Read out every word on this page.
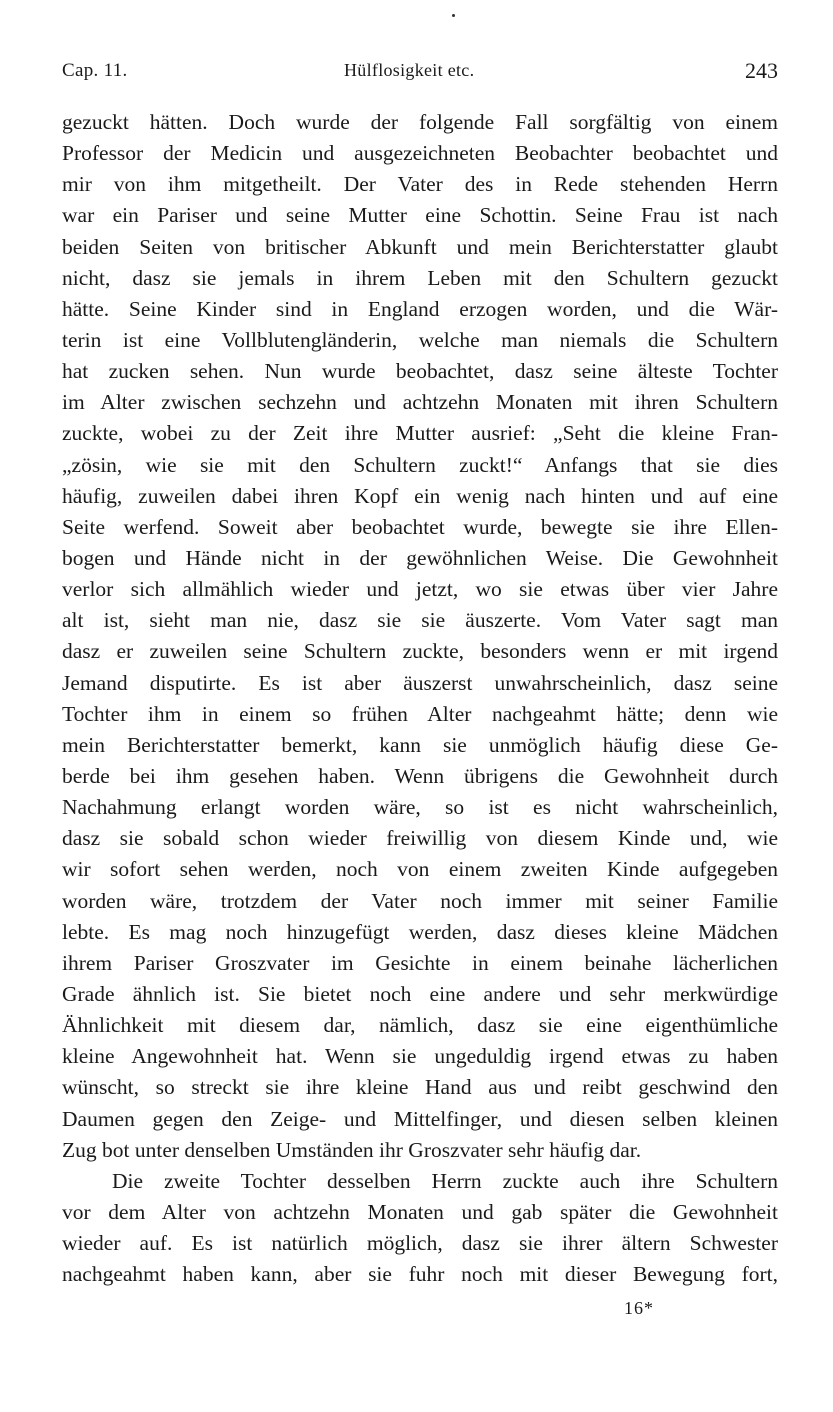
Cap. 11.	Hülflosigkeit etc.	243
gezuckt hätten. Doch wurde der folgende Fall sorgfältig von einem
Professor der Medicin und ausgezeichneten Beobachter beobachtet und
mir von ihm mitgetheilt. Der Vater des in Rede stehenden Herrn
war ein Pariser und seine Mutter eine Schottin. Seine Frau ist nach
beiden Seiten von britischer Abkunft und mein Berichterstatter glaubt
nicht, dasz sie jemals in ihrem Leben mit den Schultern gezuckt
hätte. Seine Kinder sind in England erzogen worden, und die Wär-
terin ist eine Vollblutengländerin, welche man niemals die Schultern
hat zucken sehen. Nun wurde beobachtet, dasz seine älteste Tochter
im Alter zwischen sechzehn und achtzehn Monaten mit ihren Schultern
zuckte, wobei zu der Zeit ihre Mutter ausrief: „Seht die kleine Fran-
„zösin, wie sie mit den Schultern zuckt!“ Anfangs that sie dies
häufig, zuweilen dabei ihren Kopf ein wenig nach hinten und auf eine
Seite werfend. Soweit aber beobachtet wurde, bewegte sie ihre Ellen-
bogen und Hände nicht in der gewöhnlichen Weise. Die Gewohnheit
verlor sich allmählich wieder und jetzt, wo sie etwas über vier Jahre
alt ist, sieht man nie, dasz sie sie äuszerte. Vom Vater sagt man
dasz er zuweilen seine Schultern zuckte, besonders wenn er mit irgend
Jemand disputirte. Es ist aber äuszerst unwahrscheinlich, dasz seine
Tochter ihm in einem so frühen Alter nachgeahmt hätte; denn wie
mein Berichterstatter bemerkt, kann sie unmöglich häufig diese Ge-
berde bei ihm gesehen haben. Wenn übrigens die Gewohnheit durch
Nachahmung erlangt worden wäre, so ist es nicht wahrscheinlich,
dasz sie sobald schon wieder freiwillig von diesem Kinde und, wie
wir sofort sehen werden, noch von einem zweiten Kinde aufgegeben
worden wäre, trotzdem der Vater noch immer mit seiner Familie
lebte. Es mag noch hinzugefügt werden, dasz dieses kleine Mädchen
ihrem Pariser Groszvater im Gesichte in einem beinahe lächerlichen
Grade ähnlich ist. Sie bietet noch eine andere und sehr merkwürdige
Ähnlichkeit mit diesem dar, nämlich, dasz sie eine eigenthümliche
kleine Angewohnheit hat. Wenn sie ungeduldig irgend etwas zu haben
wünscht, so streckt sie ihre kleine Hand aus und reibt geschwind den
Daumen gegen den Zeige- und Mittelfinger, und diesen selben kleinen
Zug bot unter denselben Umständen ihr Groszvater sehr häufig dar.
Die zweite Tochter desselben Herrn zuckte auch ihre Schultern
vor dem Alter von achtzehn Monaten und gab später die Gewohnheit
wieder auf. Es ist natürlich möglich, dasz sie ihrer ältern Schwester
nachgeahmt haben kann, aber sie fuhr noch mit dieser Bewegung fort,
16*
